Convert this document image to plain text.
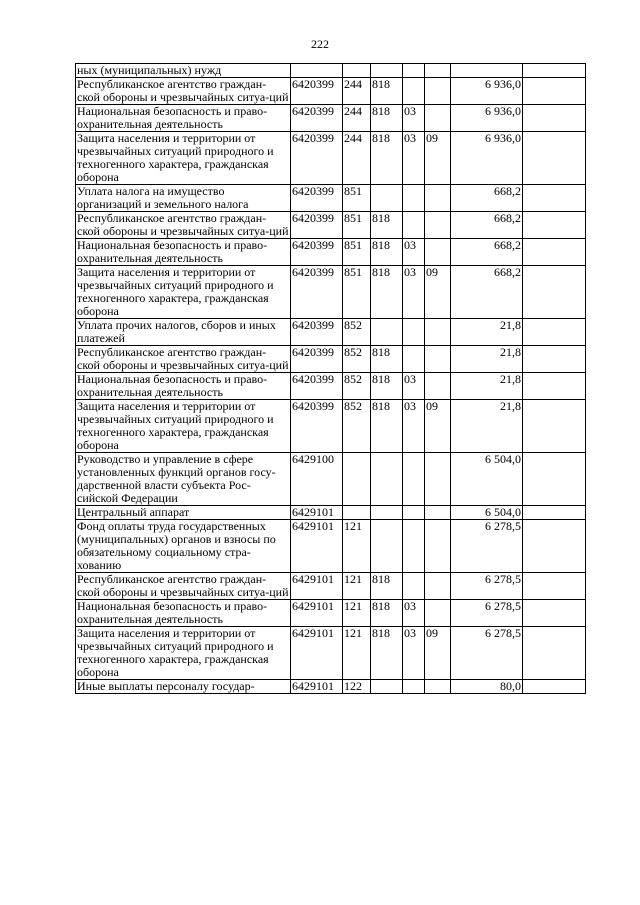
222
ных (муниципальных) нужд							
Республиканское агентство граждан-ской обороны и чрезвычайных ситуа-ций	6420399	244	818			6 936,0	
Национальная безопасность и право-охранительная деятельность	6420399	244	818	03		6 936,0	
Защита населения и территории от чрезвычайных ситуаций природного и техногенного характера, гражданская оборона	6420399	244	818	03	09	6 936,0	
Уплата налога на имущество организаций и земельного налога	6420399	851				668,2	
Республиканское агентство граждан-ской обороны и чрезвычайных ситуа-ций	6420399	851	818			668,2	
Национальная безопасность и право-охранительная деятельность	6420399	851	818	03		668,2	
Защита населения и территории от чрезвычайных ситуаций природного и техногенного характера, гражданская оборона	6420399	851	818	03	09	668,2	
Уплата прочих налогов, сборов и иных платежей	6420399	852				21,8	
Республиканское агентство граждан-ской обороны и чрезвычайных ситуа-ций	6420399	852	818			21,8	
Национальная безопасность и право-охранительная деятельность	6420399	852	818	03		21,8	
Защита населения и территории от чрезвычайных ситуаций природного и техногенного характера, гражданская оборона	6420399	852	818	03	09	21,8	
Руководство и управление в сфере установленных функций органов госу-дарственной власти субъекта Рос-сийской Федерации	6429100					6 504,0	
Центральный аппарат	6429101					6 504,0	
Фонд оплаты труда государственных (муниципальных) органов и взносы по обязательному социальному стра-хованию	6429101	121				6 278,5	
Республиканское агентство граждан-ской обороны и чрезвычайных ситуа-ций	6429101	121	818			6 278,5	
Национальная безопасность и право-охранительная деятельность	6429101	121	818	03		6 278,5	
Защита населения и территории от чрезвычайных ситуаций природного и техногенного характера, гражданская оборона	6429101	121	818	03	09	6 278,5	
Иные выплаты персоналу государ-	6429101	122				80,0	
